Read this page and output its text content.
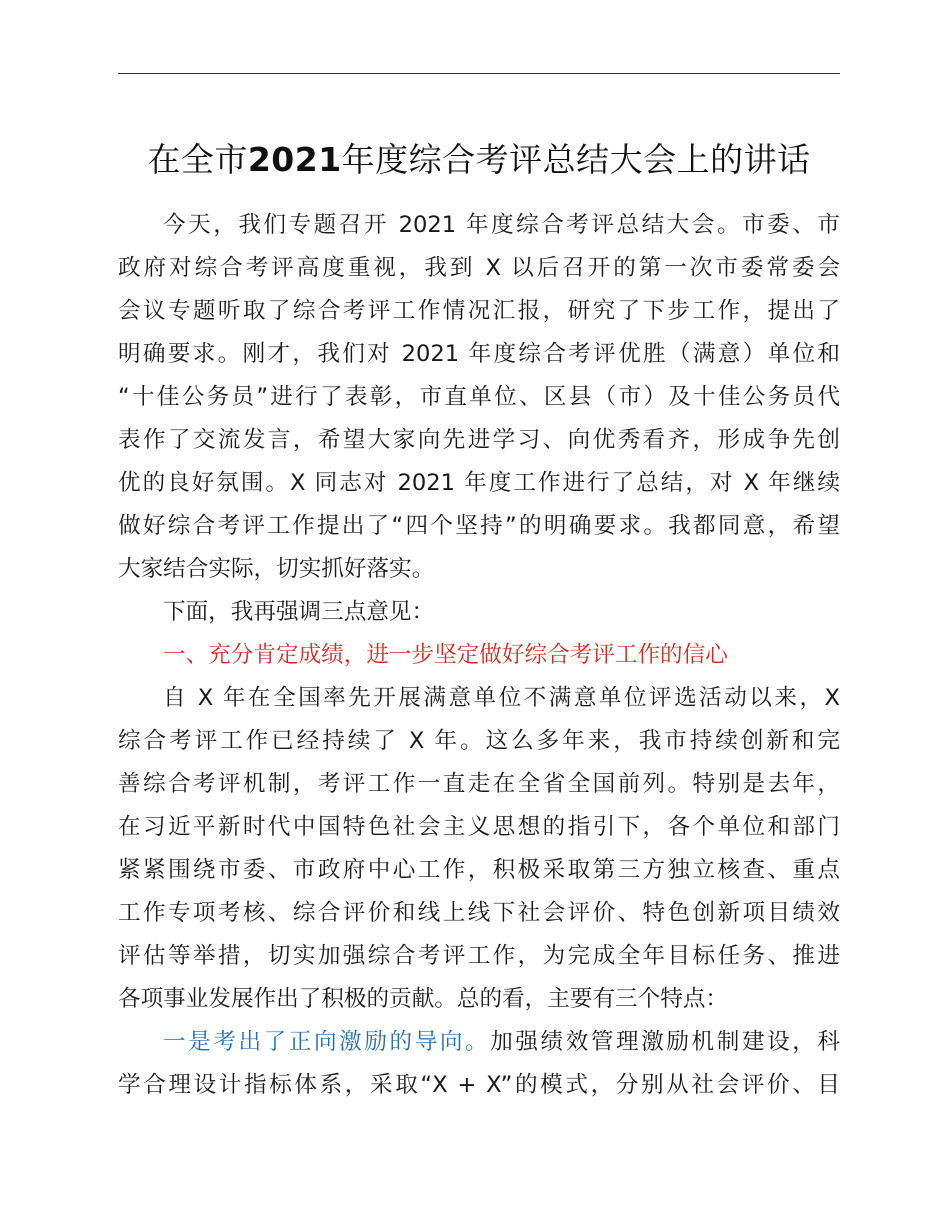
在全市2021年度综合考评总结大会上的讲话
今天，我们专题召开 2021 年度综合考评总结大会。市委、市
政府对综合考评高度重视，我到 X 以后召开的第一次市委常委会
会议专题听取了综合考评工作情况汇报，研究了下步工作，提出了
明确要求。刚才，我们对 2021 年度综合考评优胜（满意）单位和
“十佳公务员”进行了表彰，市直单位、区县（市）及十佳公务员代
表作了交流发言，希望大家向先进学习、向优秀看齐，形成争先创
优的良好氛围。X 同志对 2021 年度工作进行了总结，对 X 年继续
做好综合考评工作提出了“四个坚持”的明确要求。我都同意，希望
大家结合实际，切实抓好落实。
下面，我再强调三点意见：
一、充分肯定成绩，进一步坚定做好综合考评工作的信心
自 X 年在全国率先开展满意单位不满意单位评选活动以来，X
综合考评工作已经持续了 X 年。这么多年来，我市持续创新和完
善综合考评机制，考评工作一直走在全省全国前列。特别是去年，
在习近平新时代中国特色社会主义思想的指引下，各个单位和部门
紧紧围绕市委、市政府中心工作，积极采取第三方独立核查、重点
工作专项考核、综合评价和线上线下社会评价、特色创新项目绩效
评估等举措，切实加强综合考评工作，为完成全年目标任务、推进
各项事业发展作出了积极的贡献。总的看，主要有三个特点：
一是考出了正向激励的导向。加强绩效管理激励机制建设，科
学合理设计指标体系，采取“X + X”的模式，分别从社会评价、目
